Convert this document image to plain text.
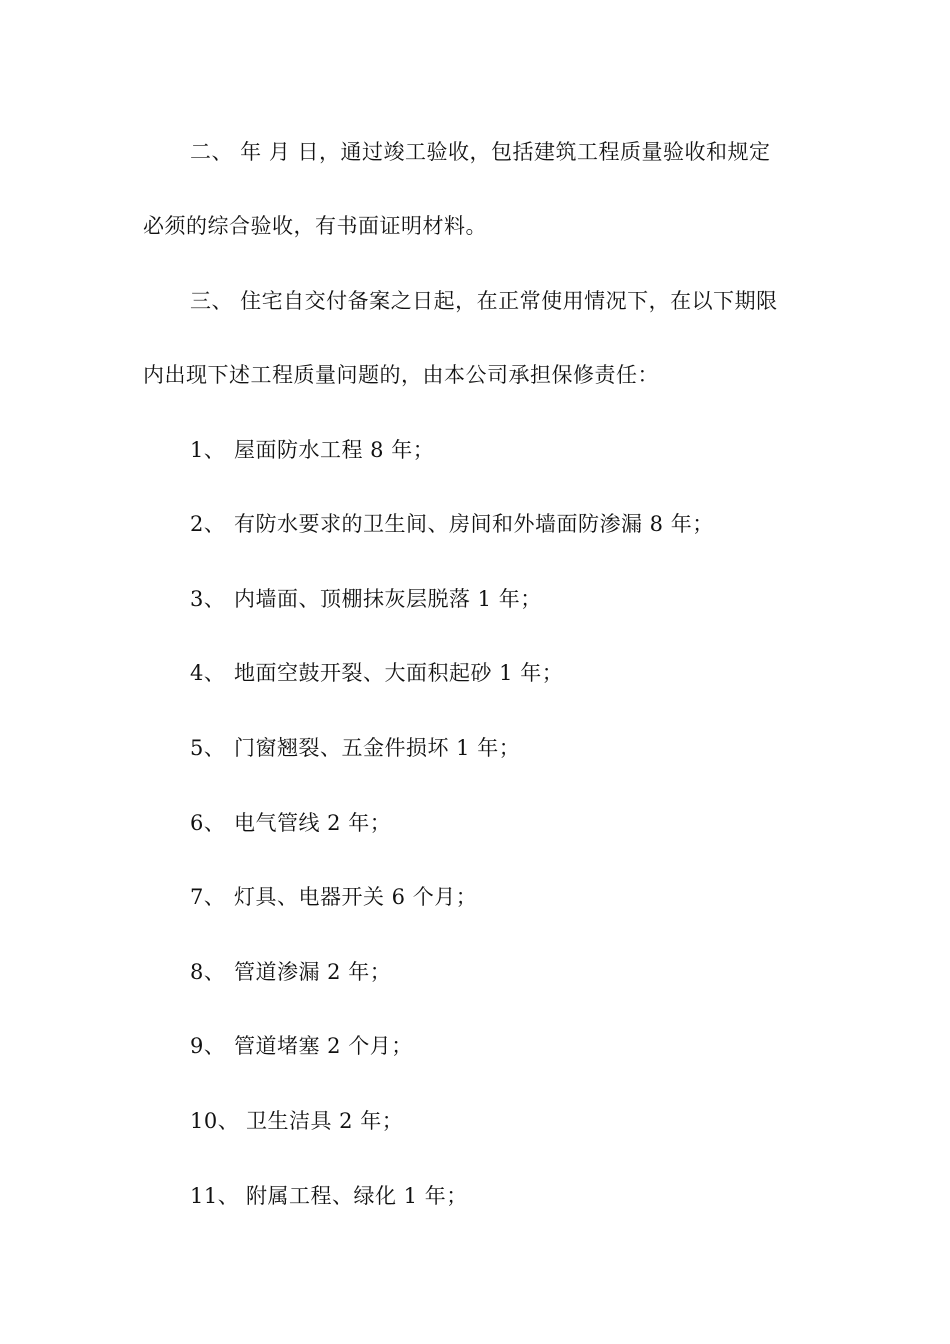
二、 年 月 日，通过竣工验收，包括建筑工程质量验收和规定
必须的综合验收，有书面证明材料。
三、 住宅自交付备案之日起，在正常使用情况下，在以下期限
内出现下述工程质量问题的，由本公司承担保修责任：
1、 屋面防水工程 8 年；
2、 有防水要求的卫生间、房间和外墙面防渗漏 8 年；
3、 内墙面、顶棚抹灰层脱落 1 年；
4、 地面空鼓开裂、大面积起砂 1 年；
5、 门窗翘裂、五金件损坏 1 年；
6、 电气管线 2 年；
7、 灯具、电器开关 6 个月；
8、 管道渗漏 2 年；
9、 管道堵塞 2 个月；
10、 卫生洁具 2 年；
11、 附属工程、绿化 1 年；
